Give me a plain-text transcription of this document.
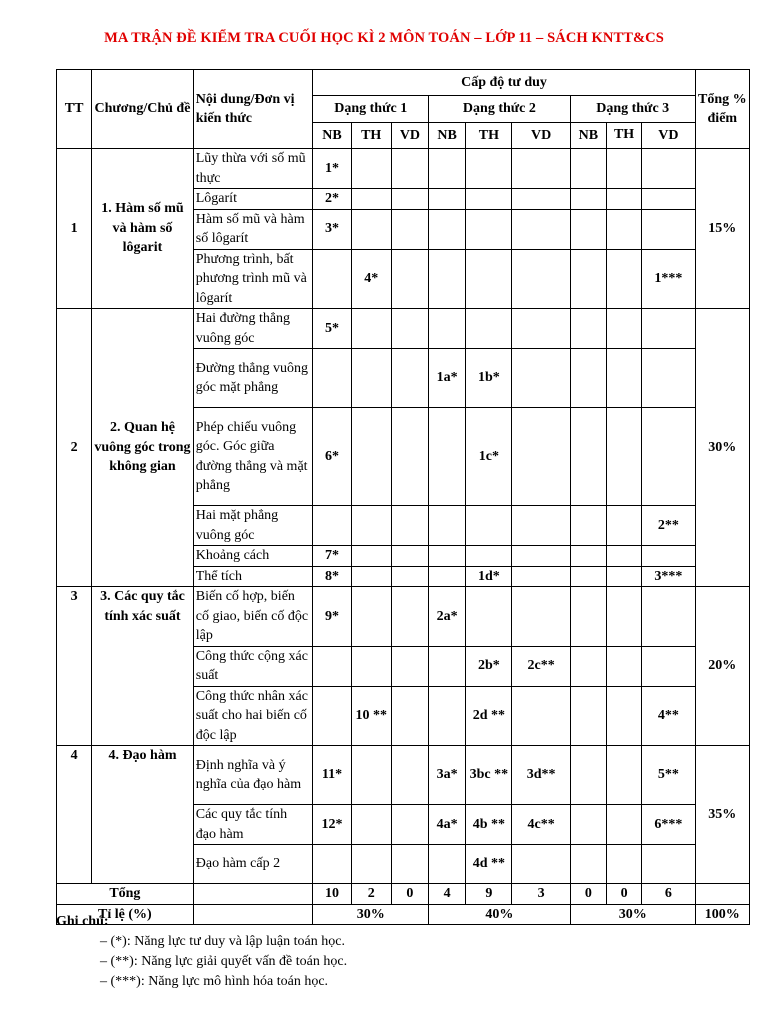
MA TRẬN ĐỀ KIỂM TRA CUỐI HỌC KÌ 2 MÔN TOÁN – LỚP 11 – SÁCH KNTT&CS
TT	Chương/Chủ đề	Nội dung/Đơn vị kiến thức	Cấp độ tư duy									Tổng % điểm
			Dạng thức 1			Dạng thức 2			Dạng thức 3			
			NB	TH	VD	NB	TH	VD	NB	TH	VD	
1	1. Hàm số mũ và hàm số lôgarit	Lũy thừa với số mũ thực	1*									15%
		Lôgarít	2*									
		Hàm số mũ và hàm số lôgarít	3*									
		Phương trình, bất phương trình mũ và lôgarít		4*							1***	
2	2. Quan hệ vuông góc trong không gian	Hai đường thẳng vuông góc	5*									30%
		Đường thẳng vuông góc mặt phẳng				1a*	1b*					
		Phép chiếu vuông góc. Góc giữa đường thẳng và mặt phẳng	6*				1c*					
		Hai mặt phẳng vuông góc									2**	
		Khoảng cách	7*									
		Thể tích	8*				1d*				3***	
3	3. Các quy tắc tính xác suất	Biến cố hợp, biến cố giao, biến cố độc lập	9*			2a*						20%
		Công thức cộng xác suất					2b*	2c**				
		Công thức nhân xác suất cho hai biến cố độc lập		10 **			2d **				4**	
4	4. Đạo hàm	Định nghĩa và ý nghĩa của đạo hàm	11*			3a*	3bc **	3d**			5**	35%
		Các quy tắc tính đạo hàm	12*			4a*	4b **	4c**			6***	
		Đạo hàm cấp 2					4d **					
Tổng			10	2	0	4	9	3	0	0	6	
Tỉ lệ (%)			30%			40%			30%			100%
Ghi chú:
– (*): Năng lực tư duy và lập luận toán học.
– (**): Năng lực giải quyết vấn đề toán học.
– (***): Năng lực mô hình hóa toán học.
